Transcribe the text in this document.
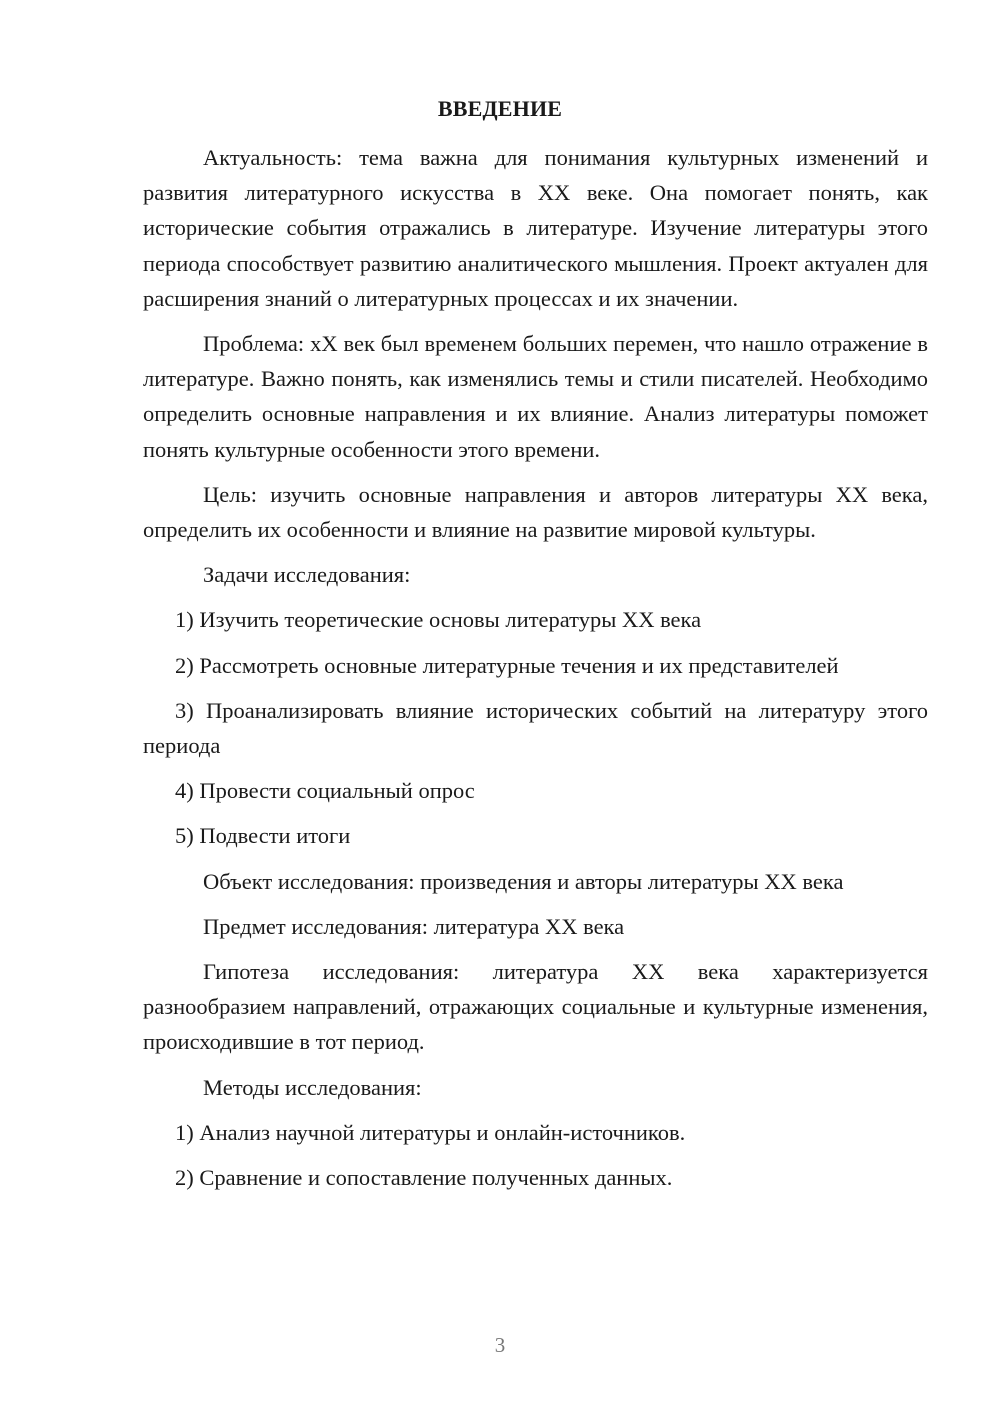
ВВЕДЕНИЕ

Актуальность: тема важна для понимания культурных изменений и развития литературного искусства в XX веке. Она помогает понять, как исторические события отражались в литературе. Изучение литературы этого периода способствует развитию аналитического мышления. Проект актуален для расширения знаний о литературных процессах и их значении.

Проблема: xX век был временем больших перемен, что нашло отражение в литературе. Важно понять, как изменялись темы и стили писателей. Необходимо определить основные направления и их влияние. Анализ литературы поможет понять культурные особенности этого времени.

Цель: изучить основные направления и авторов литературы XX века, определить их особенности и влияние на развитие мировой культуры.

Задачи исследования:

1) Изучить теоретические основы литературы XX века

2) Рассмотреть основные литературные течения и их представителей

3) Проанализировать влияние исторических событий на литературу этого периода

4) Провести социальный опрос

5) Подвести итоги

Объект исследования: произведения и авторы литературы XX века

Предмет исследования: литература XX века

Гипотеза исследования: литература XX века характеризуется разнообразием направлений, отражающих социальные и культурные изменения, происходившие в тот период.

Методы исследования:

1) Анализ научной литературы и онлайн-источников.

2) Сравнение и сопоставление полученных данных.

3
